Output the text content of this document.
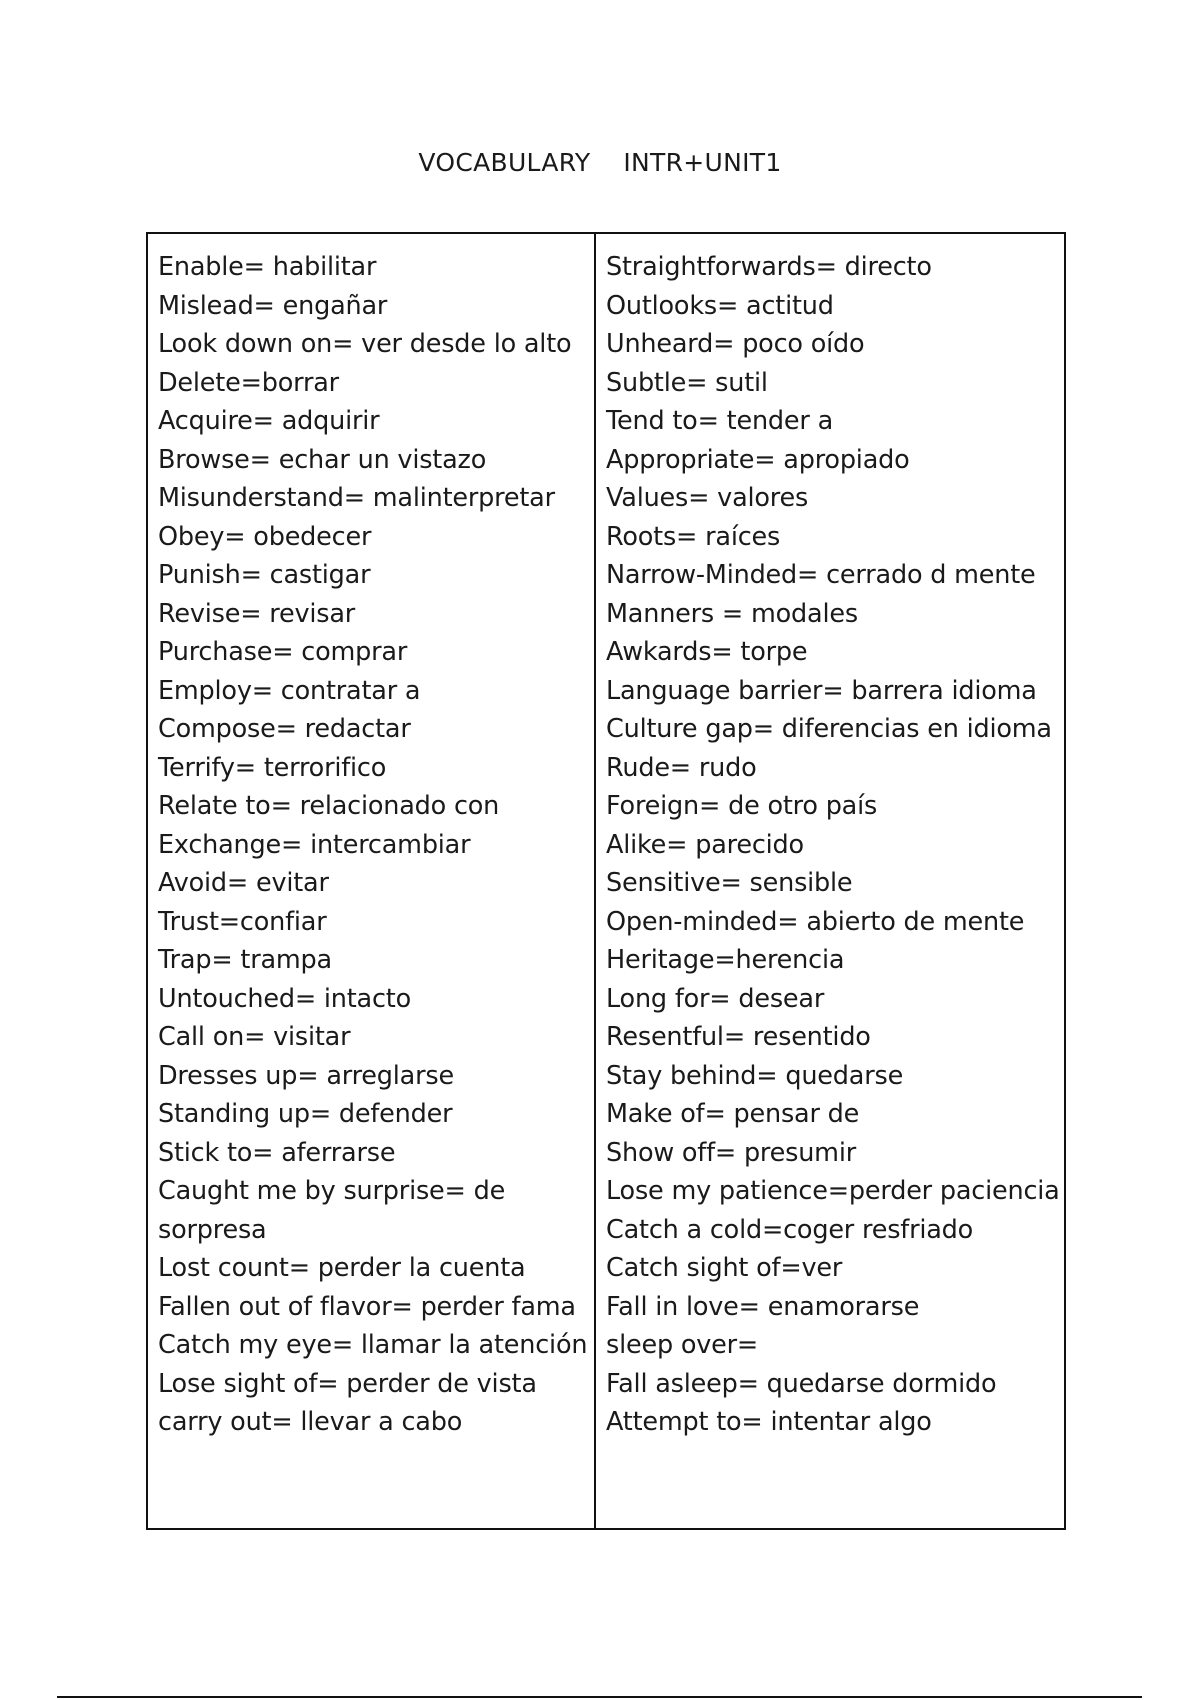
VOCABULARY    INTR+UNIT1
Enable= habilitar
Mislead= engañar
Look down on= ver desde lo alto
Delete=borrar
Acquire= adquirir
Browse= echar un vistazo
Misunderstand= malinterpretar
Obey= obedecer
Punish= castigar
Revise= revisar
Purchase= comprar
Employ= contratar a
Compose= redactar
Terrify= terrorifico
Relate to= relacionado con
Exchange= intercambiar
Avoid= evitar
Trust=confiar
Trap= trampa
Untouched= intacto
Call on= visitar
Dresses up= arreglarse
Standing up= defender
Stick to= aferrarse
Caught me by surprise= de
sorpresa
Lost count= perder la cuenta
Fallen out of flavor= perder fama
Catch my eye= llamar la atención
Lose sight of= perder de vista
carry out= llevar a cabo
Straightforwards= directo
Outlooks= actitud
Unheard= poco oído
Subtle= sutil
Tend to= tender a
Appropriate= apropiado
Values= valores
Roots= raíces
Narrow-Minded= cerrado d mente
Manners = modales
Awkards= torpe
Language barrier= barrera idioma
Culture gap= diferencias en idioma
Rude= rudo
Foreign= de otro país
Alike= parecido
Sensitive= sensible
Open-minded= abierto de mente
Heritage=herencia
Long for= desear
Resentful= resentido
Stay behind= quedarse
Make of= pensar de
Show off= presumir
Lose my patience=perder paciencia
Catch a cold=coger resfriado
Catch sight of=ver
Fall in love= enamorarse
sleep over=
Fall asleep= quedarse dormido
Attempt to= intentar algo
